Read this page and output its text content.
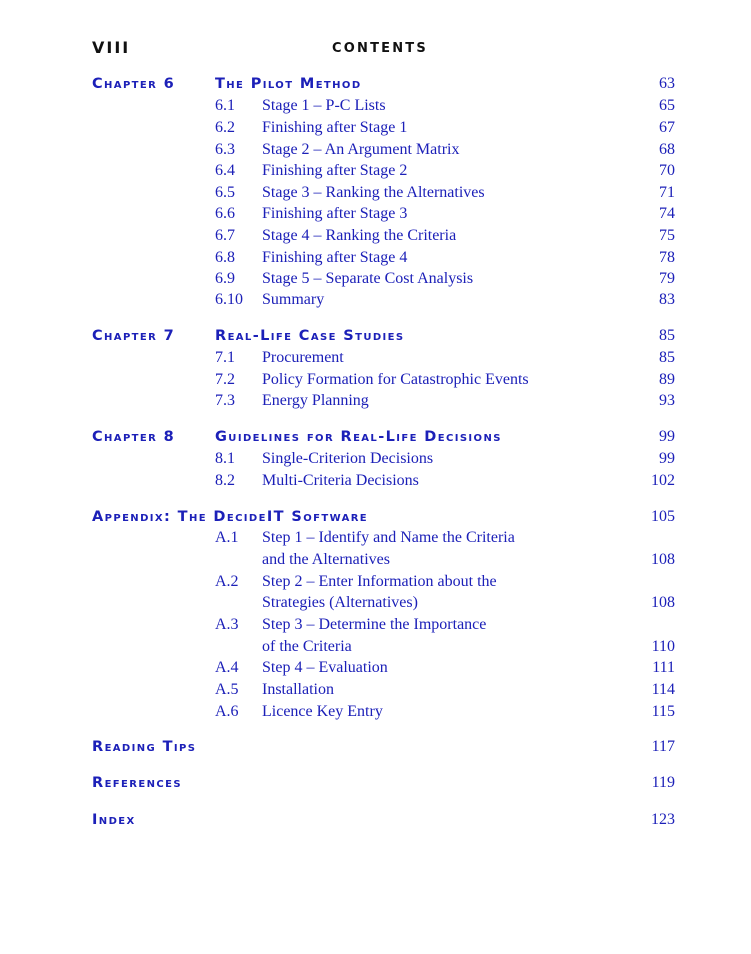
VIII	CONTENTS
Chapter 6	The Pilot Method	63
6.1 Stage 1 – P-C Lists	65
6.2 Finishing after Stage 1	67
6.3 Stage 2 – An Argument Matrix	68
6.4 Finishing after Stage 2	70
6.5 Stage 3 – Ranking the Alternatives	71
6.6 Finishing after Stage 3	74
6.7 Stage 4 – Ranking the Criteria	75
6.8 Finishing after Stage 4	78
6.9 Stage 5 – Separate Cost Analysis	79
6.10 Summary	83
Chapter 7	Real-Life Case Studies	85
7.1 Procurement	85
7.2 Policy Formation for Catastrophic Events	89
7.3 Energy Planning	93
Chapter 8	Guidelines for Real-Life Decisions	99
8.1 Single-Criterion Decisions	99
8.2 Multi-Criteria Decisions	102
Appendix: The DecideIT Software	105
A.1 Step 1 – Identify and Name the Criteria
and the Alternatives	108
A.2 Step 2 – Enter Information about the
Strategies (Alternatives)	108
A.3 Step 3 – Determine the Importance
of the Criteria	110
A.4 Step 4 – Evaluation	111
A.5 Installation	114
A.6 Licence Key Entry	115
Reading Tips	117
References	119
Index	123
